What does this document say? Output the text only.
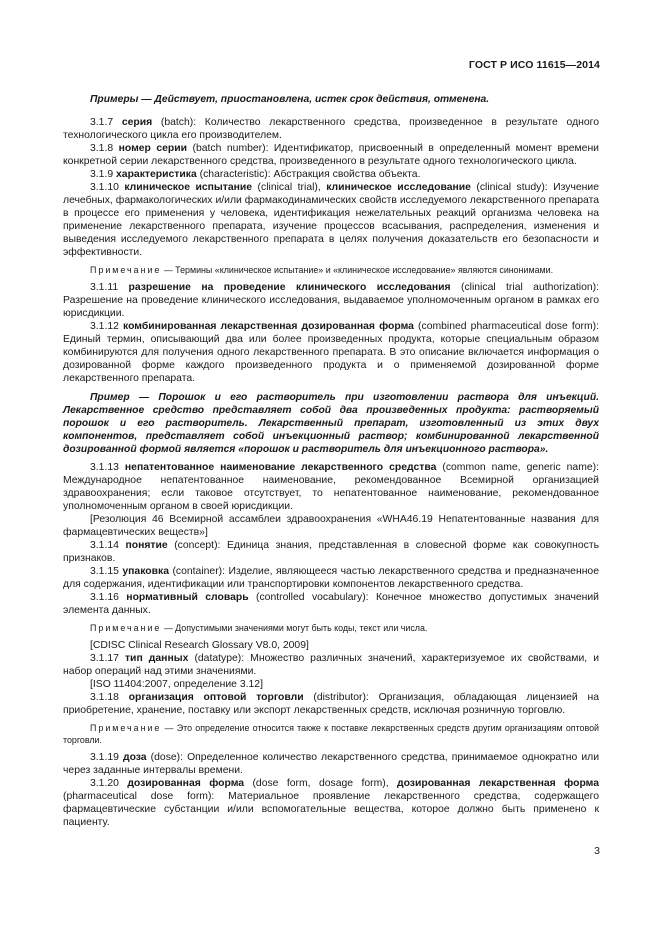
ГОСТ Р ИСО 11615—2014

Примеры — Действует, приостановлена, истек срок действия, отменена.

3.1.7 серия (batch): Количество лекарственного средства, произведенное в результате одного технологического цикла его производителем.

3.1.8 номер серии (batch number): Идентификатор, присвоенный в определенный момент времени конкретной серии лекарственного средства, произведенного в результате одного технологического цикла.

3.1.9 характеристика (characteristic): Абстракция свойства объекта.

3.1.10 клиническое испытание (clinical trial), клиническое исследование (clinical study): Изучение лечебных, фармакологических и/или фармакодинамических свойств исследуемого лекарственного препарата в процессе его применения у человека, идентификация нежелательных реакций организма человека на применение лекарственного препарата, изучение процессов всасывания, распределения, изменения и выведения исследуемого лекарственного препарата в целях получения доказательств его безопасности и эффективности.

Примечание — Термины «клиническое испытание» и «клиническое исследование» являются синонимами.

3.1.11 разрешение на проведение клинического исследования (clinical trial authorization): Разрешение на проведение клинического исследования, выдаваемое уполномоченным органом в рамках его юрисдикции.

3.1.12 комбинированная лекарственная дозированная форма (combined pharmaceutical dose form): Единый термин, описывающий два или более произведенных продукта, которые специальным образом комбинируются для получения одного лекарственного препарата. В это описание включается информация о дозированной форме каждого произведенного продукта и о применяемой дозированной форме лекарственного препарата.

Пример — Порошок и его растворитель при изготовлении раствора для инъекций. Лекарственное средство представляет собой два произведенных продукта: растворяемый порошок и его растворитель. Лекарственный препарат, изготовленный из этих двух компонентов, представляет собой инъекционный раствор; комбинированной лекарственной дозированной формой является «порошок и растворитель для инъекционного раствора».

3.1.13 непатентованное наименование лекарственного средства (common name, generic name): Международное непатентованное наименование, рекомендованное Всемирной организацией здравоохранения; если таковое отсутствует, то непатентованное наименование, рекомендованное уполномоченным органом в своей юрисдикции.

[Резолюция 46 Всемирной ассамблеи здравоохранения «WHA46.19 Непатентованные названия для фармацевтических веществ»]

3.1.14 понятие (concept): Единица знания, представленная в словесной форме как совокупность признаков.

3.1.15 упаковка (container): Изделие, являющееся частью лекарственного средства и предназначенное для содержания, идентификации или транспортировки компонентов лекарственного средства.

3.1.16 нормативный словарь (controlled vocabulary): Конечное множество допустимых значений элемента данных.

Примечание — Допустимыми значениями могут быть коды, текст или числа.

[CDISC Clinical Research Glossary V8.0, 2009]

3.1.17 тип данных (datatype): Множество различных значений, характеризуемое их свойствами, и набор операций над этими значениями.

[ISO 11404:2007, определение 3.12]

3.1.18 организация оптовой торговли (distributor): Организация, обладающая лицензией на приобретение, хранение, поставку или экспорт лекарственных средств, исключая розничную торговлю.

Примечание — Это определение относится также к поставке лекарственных средств другим организациям оптовой торговли.

3.1.19 доза (dose): Определенное количество лекарственного средства, принимаемое однократно или через заданные интервалы времени.

3.1.20 дозированная форма (dose form, dosage form), дозированная лекарственная форма (pharmaceutical dose form): Материальное проявление лекарственного средства, содержащего фармацевтические субстанции и/или вспомогательные вещества, которое должно быть применено к пациенту.

3
